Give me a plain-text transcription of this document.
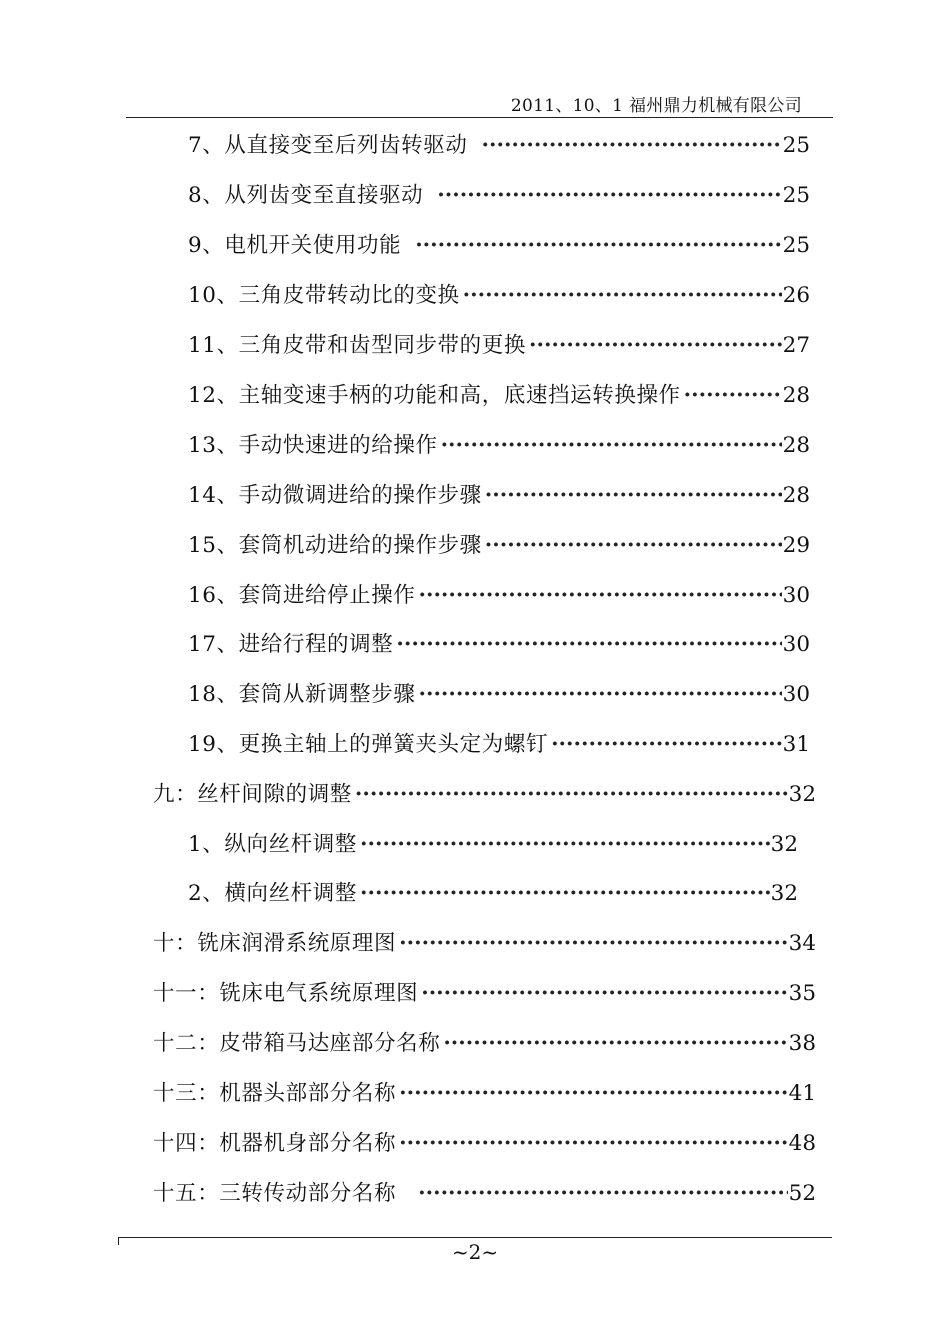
2011、10、1 福州鼎力机械有限公司
7、从直接变至后列齿转驱动 ·····	25
8、从列齿变至直接驱动 ·····	25
9、电机开关使用功能 ·····	25
10、三角皮带转动比的变换 ·····	26
11、三角皮带和齿型同步带的更换 ·····	27
12、主轴变速手柄的功能和高，底速挡运转换操作 ·····	28
13、手动快速进的给操作 ·····	28
14、手动微调进给的操作步骤 ·····	28
15、套筒机动进给的操作步骤 ·····	29
16、套筒进给停止操作 ·····	30
17、进给行程的调整 ·····	30
18、套筒从新调整步骤 ·····	30
19、更换主轴上的弹簧夹头定为螺钉 ·····	31
九：丝杆间隙的调整 ·····	32
1、纵向丝杆调整 ·····	32
2、横向丝杆调整 ·····	32
十：铣床润滑系统原理图 ·····	34
十一：铣床电气系统原理图 ·····	35
十二：皮带箱马达座部分名称 ·····	38
十三：机器头部部分名称 ·····	41
十四：机器机身部分名称 ·····	48
十五：三转传动部分名称 ·····	52
~2~
